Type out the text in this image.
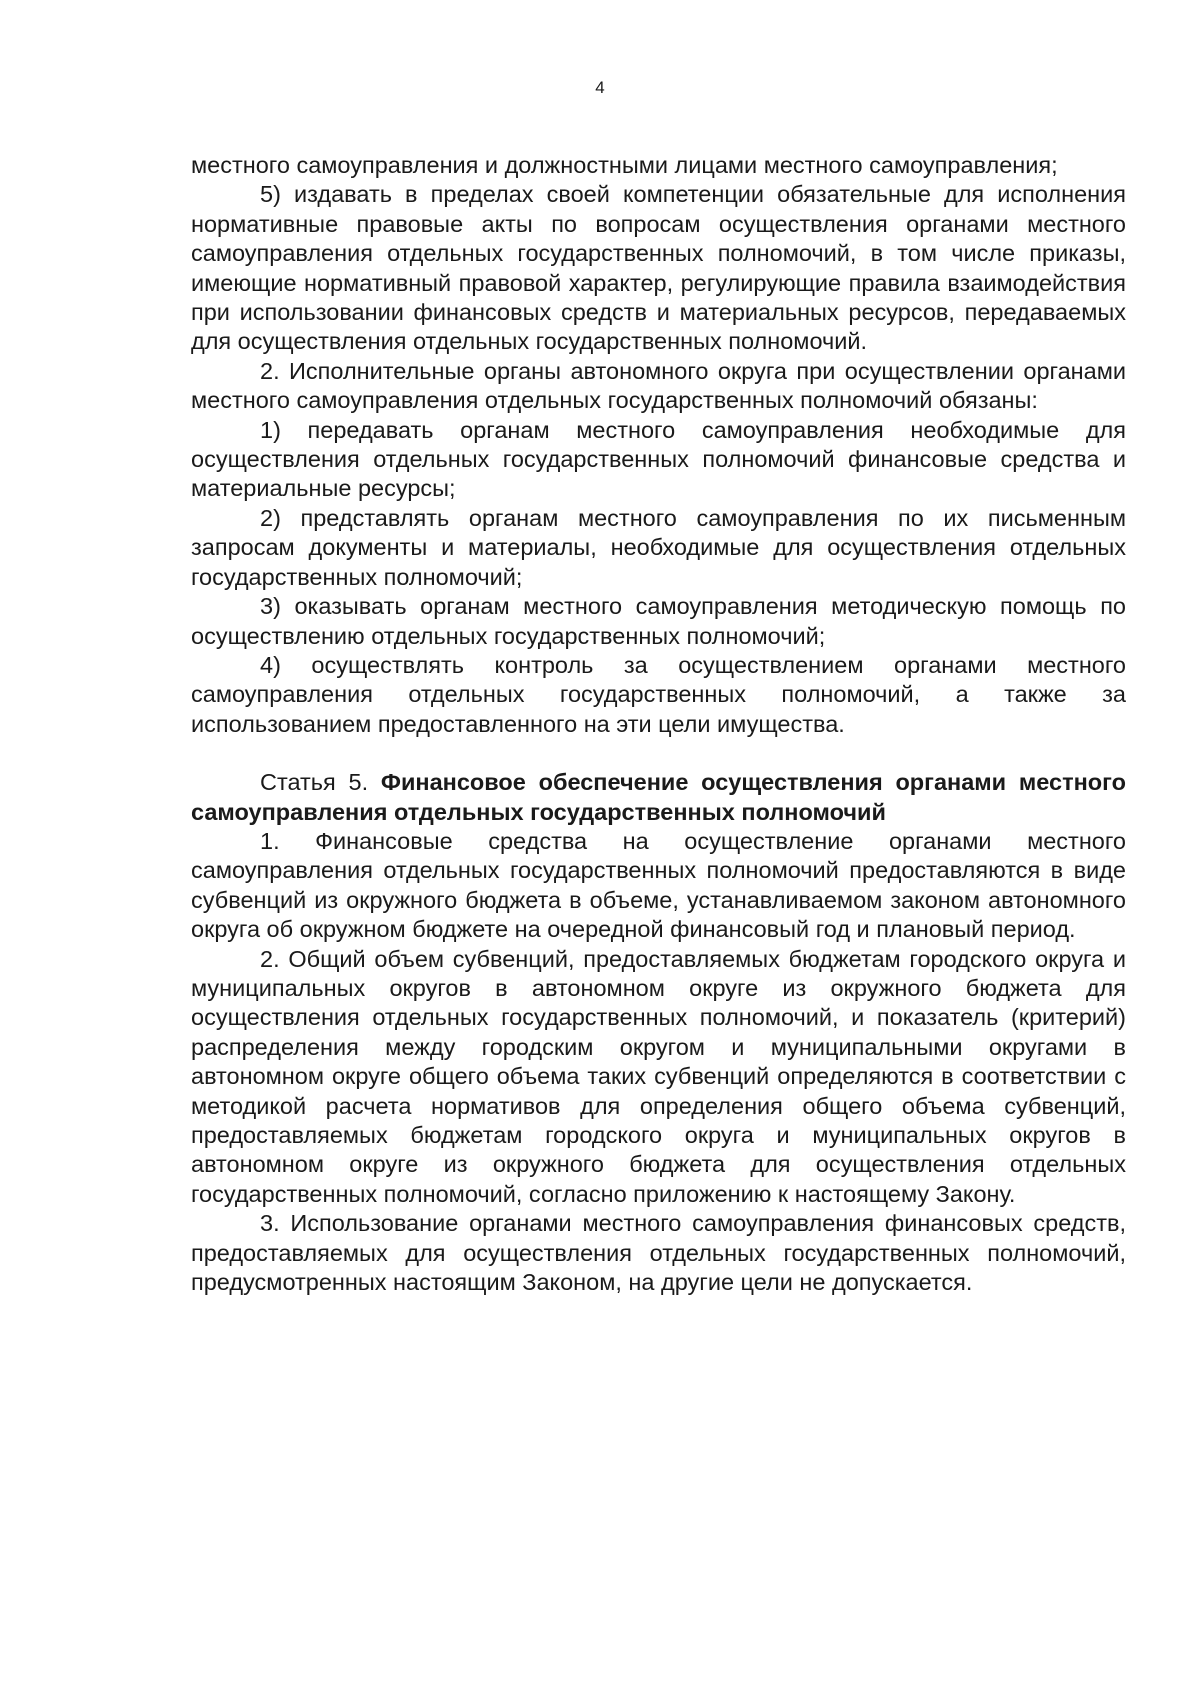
4

местного самоуправления и должностными лицами местного самоуправления;

5) издавать в пределах своей компетенции обязательные для исполнения нормативные правовые акты по вопросам осуществления органами местного самоуправления отдельных государственных полномочий, в том числе приказы, имеющие нормативный правовой характер, регулирующие правила взаимодействия при использовании финансовых средств и материальных ресурсов, передаваемых для осуществления отдельных государственных полномочий.

2. Исполнительные органы автономного округа при осуществлении органами местного самоуправления отдельных государственных полномочий обязаны:

1) передавать органам местного самоуправления необходимые для осуществления отдельных государственных полномочий финансовые средства и материальные ресурсы;

2) представлять органам местного самоуправления по их письменным запросам документы и материалы, необходимые для осуществления отдельных государственных полномочий;

3) оказывать органам местного самоуправления методическую помощь по осуществлению отдельных государственных полномочий;

4) осуществлять контроль за осуществлением органами местного самоуправления отдельных государственных полномочий, а также за использованием предоставленного на эти цели имущества.

Статья 5. Финансовое обеспечение осуществления органами местного самоуправления отдельных государственных полномочий

1. Финансовые средства на осуществление органами местного самоуправления отдельных государственных полномочий предоставляются в виде субвенций из окружного бюджета в объеме, устанавливаемом законом автономного округа об окружном бюджете на очередной финансовый год и плановый период.

2. Общий объем субвенций, предоставляемых бюджетам городского округа и муниципальных округов в автономном округе из окружного бюджета для осуществления отдельных государственных полномочий, и показатель (критерий) распределения между городским округом и муниципальными округами в автономном округе общего объема таких субвенций определяются в соответствии с методикой расчета нормативов для определения общего объема субвенций, предоставляемых бюджетам городского округа и муниципальных округов в автономном округе из окружного бюджета для осуществления отдельных государственных полномочий, согласно приложению к настоящему Закону.

3. Использование органами местного самоуправления финансовых средств, предоставляемых для осуществления отдельных государственных полномочий, предусмотренных настоящим Законом, на другие цели не допускается.
